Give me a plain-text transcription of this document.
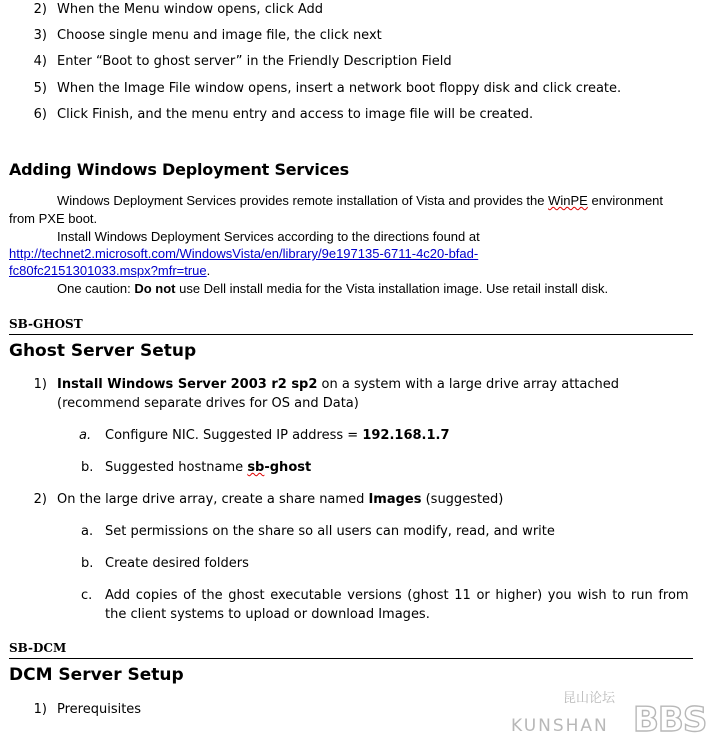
2) When the Menu window opens, click Add
3) Choose single menu and image file, the click next
4) Enter “Boot to ghost server” in the Friendly Description Field
5) When the Image File window opens, insert a network boot floppy disk and click create.
6) Click Finish, and the menu entry and access to image file will be created.
Adding Windows Deployment Services
Windows Deployment Services provides remote installation of Vista and provides the WinPE environment
from PXE boot.
Install Windows Deployment Services according to the directions found at
http://technet2.microsoft.com/WindowsVista/en/library/9e197135-6711-4c20-bfad-
fc80fc2151301033.mspx?mfr=true.
One caution: Do not use Dell install media for the Vista installation image. Use retail install disk.
SB-GHOST
Ghost Server Setup
1) Install Windows Server 2003 r2 sp2 on a system with a large drive array attached
(recommend separate drives for OS and Data)
a. Configure NIC. Suggested IP address = 192.168.1.7
b. Suggested hostname sb-ghost
2) On the large drive array, create a share named Images (suggested)
a. Set permissions on the share so all users can modify, read, and write
b. Create desired folders
c. Add copies of the ghost executable versions (ghost 11 or higher) you wish to run from
the client systems to upload or download Images.
SB-DCM
DCM Server Setup
1) Prerequisites
昆山论坛
KUNSHAN BBS
